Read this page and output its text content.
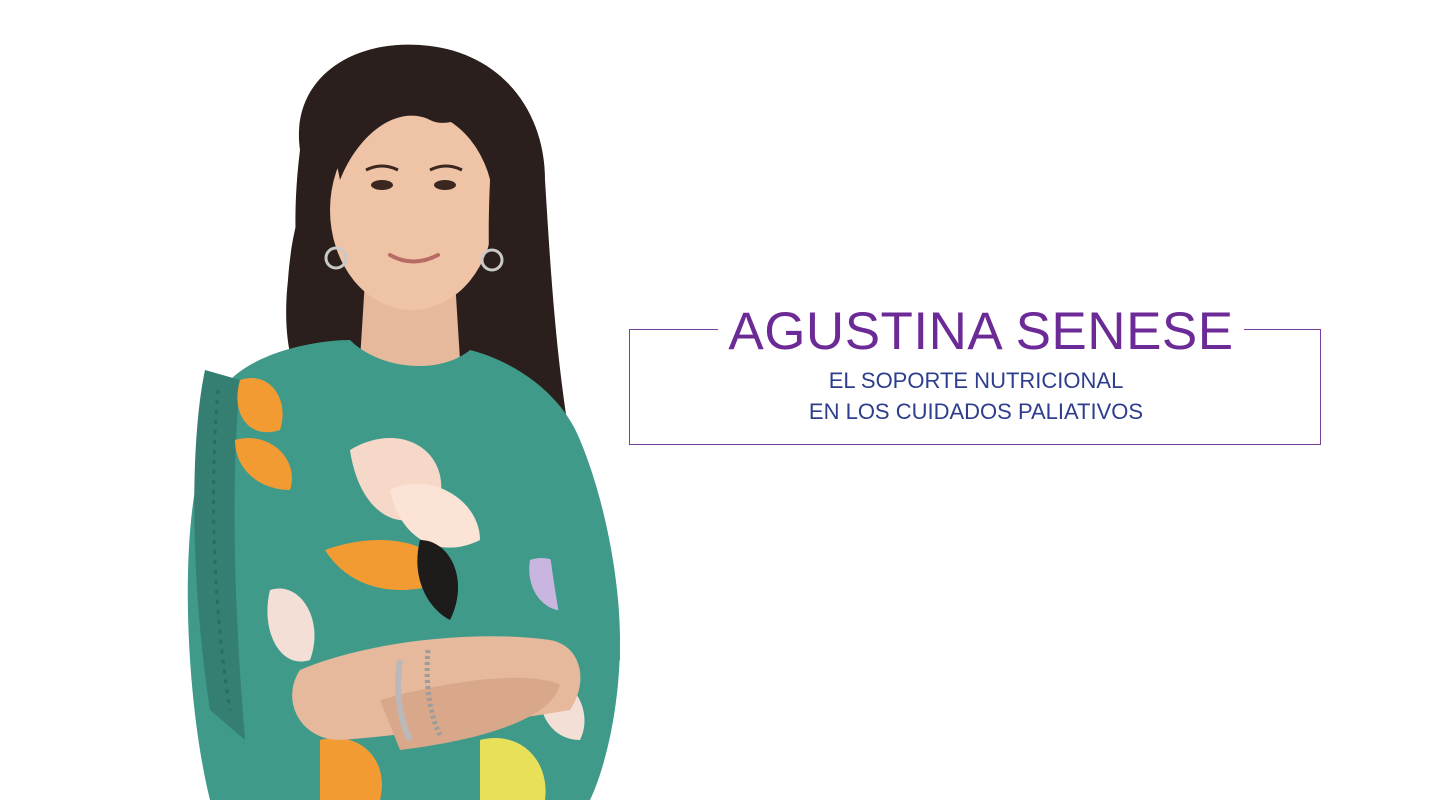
AGUSTINA SENESE
EL SOPORTE NUTRICIONAL
EN LOS CUIDADOS PALIATIVOS
